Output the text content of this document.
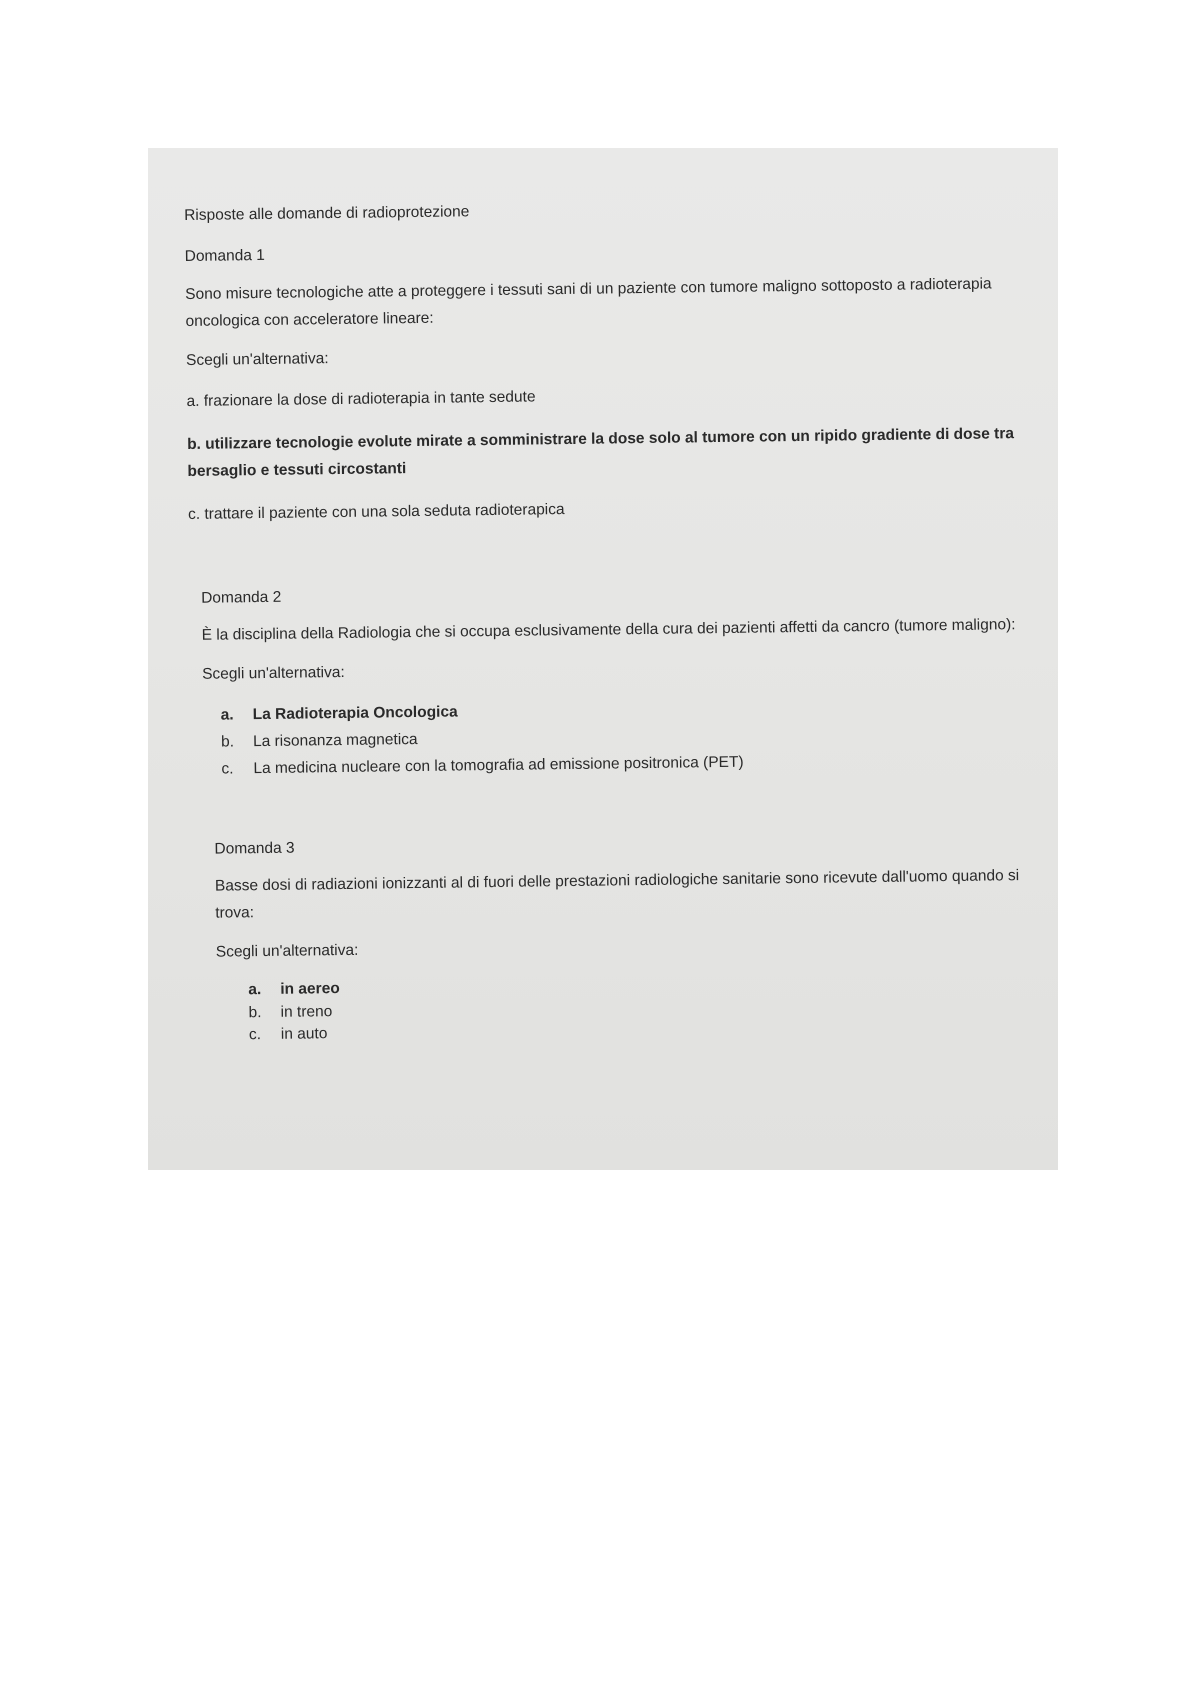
Risposte alle domande di radioprotezione
Domanda 1

Sono misure tecnologiche atte a proteggere i tessuti sani di un paziente con tumore maligno sottoposto a radioterapia oncologica con acceleratore lineare:

Scegli un'alternativa:

a. frazionare la dose di radioterapia in tante sedute

b. utilizzare tecnologie evolute mirate a somministrare la dose solo al tumore con un ripido gradiente di dose tra bersaglio e tessuti circostanti

c. trattare il paziente con una sola seduta radioterapica

Domanda 2

È la disciplina della Radiologia che si occupa esclusivamente della cura dei pazienti affetti da cancro (tumore maligno):

Scegli un'alternativa:

a.	La Radioterapia Oncologica
b.	La risonanza magnetica
c.	La medicina nucleare con la tomografia ad emissione positronica (PET)
Domanda 3

Basse dosi di radiazioni ionizzanti al di fuori delle prestazioni radiologiche sanitarie sono ricevute dall'uomo quando si trova:

Scegli un'alternativa:

a.	in aereo
b.	in treno
c.	in auto
